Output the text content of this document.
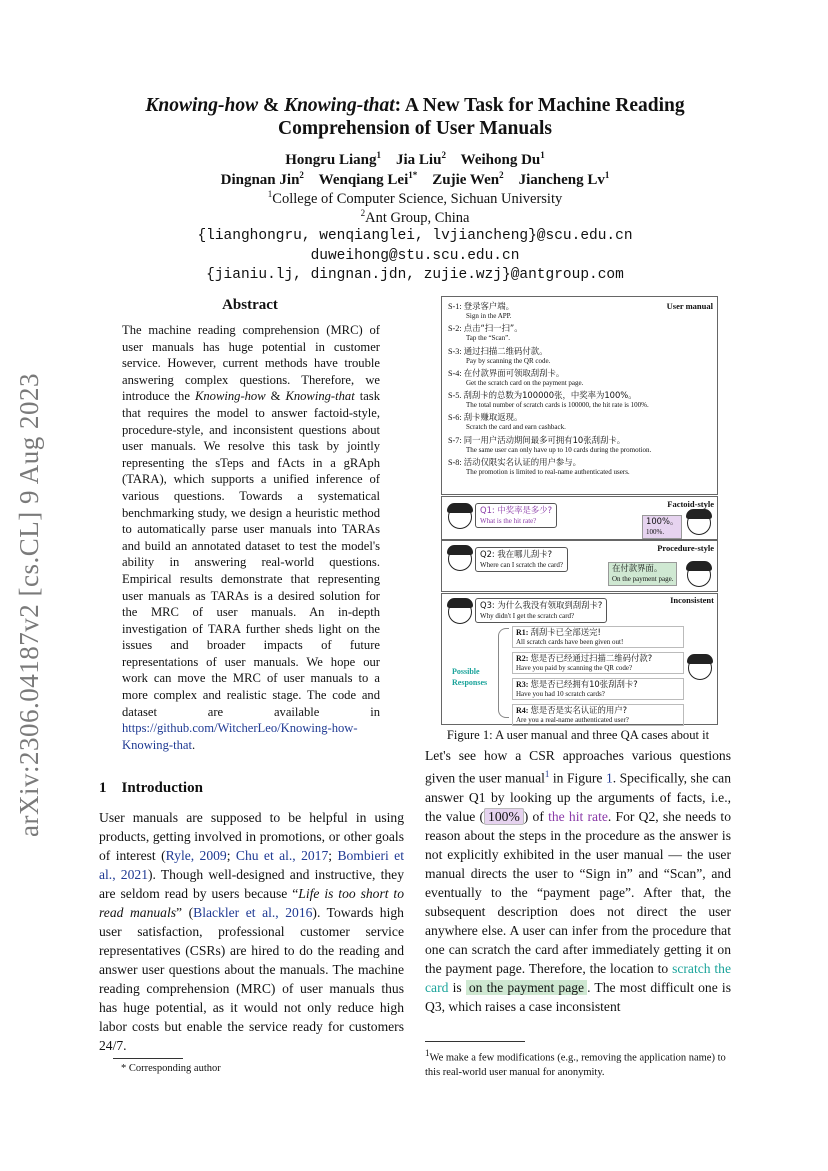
arXiv:2306.04187v2 [cs.CL] 9 Aug 2023
Knowing-how & Knowing-that: A New Task for Machine Reading
Comprehension of User Manuals
Hongru Liang$^1$ Jia Liu$^2$ Weihong Du$^1$
Dingnan Jin$^2$ Wenqiang Lei$^{1*}$ Zujie Wen$^2$ Jiancheng Lv$^1$
$^1$College of Computer Science, Sichuan University
$^2$Ant Group, China
{lianghongru, wenqianglei, lvjiancheng}@scu.edu.cn
duweihong@stu.scu.edu.cn
{jianiu.lj, dingnan.jdn, zujie.wzj}@antgroup.com
Abstract
The machine reading comprehension (MRC) of user manuals has huge potential in customer service. However, current methods have trouble answering complex questions. Therefore, we introduce the Knowing-how & Knowing-that task that requires the model to answer factoid-style, procedure-style, and inconsistent questions about user manuals. We resolve this task by jointly representing the sTeps and fActs in a gRAph (TARA), which supports a unified inference of various questions. Towards a systematical benchmarking study, we design a heuristic method to automatically parse user manuals into TARAs and build an annotated dataset to test the model's ability in answering real-world questions. Empirical results demonstrate that representing user manuals as TARAs is a desired solution for the MRC of user manuals. An in-depth investigation of TARA further sheds light on the issues and broader impacts of future representations of user manuals. We hope our work can move the MRC of user manuals to a more complex and realistic stage. The code and dataset are available in https://github.com/WitcherLeo/Knowing-how-Knowing-that.
1 Introduction
User manuals are supposed to be helpful in using products, getting involved in promotions, or other goals of interest (Ryle, 2009; Chu et al., 2017; Bombieri et al., 2021). Though well-designed and instructive, they are seldom read by users because “Life is too short to read manuals” (Blackler et al., 2016). Towards high user satisfaction, professional customer service representatives (CSRs) are hired to do the reading and answer user questions about the manuals. The machine reading comprehension (MRC) of user manuals thus has huge potential, as it would not only reduce high labor costs but enable the service ready for customers 24/7.
* Corresponding author
$^1$We make a few modifications (e.g., removing the application name) to this real-world user manual for anonymity.
Let's see how a CSR approaches various questions given the user manual$^1$ in Figure 1. Specifically, she can answer Q1 by looking up the arguments of facts, i.e., the value ( 100% ) of the hit rate. For Q2, she needs to reason about the steps in the procedure as the answer is not explicitly exhibited in the user manual — the user manual directs the user to “Sign in” and “Scan”, and eventually to the “payment page”. After that, the subsequent description does not direct the user anywhere else. A user can infer from the procedure that one can scratch the card after immediately getting it on the payment page. Therefore, the location to scratch the card is on the payment page . The most difficult one is Q3, which raises a case inconsistent
User manual
S-1: 登录客户端。
Sign in the APP.
S-2: 点击“扫一扫”。
Tap the “Scan”.
S-3: 通过扫描二维码付款。
Pay by scanning the QR code.
S-4: 在付款界面可领取刮刮卡。
Get the scratch card on the payment page.
S-5. 刮刮卡的总数为100000张，中奖率为100%。
The total number of scratch cards is 100000, the hit rate is 100%.
S-6: 刮卡赚取返现。
Scratch the card and earn cashback.
S-7: 同一用户活动期间最多可拥有10张刮刮卡。
The same user can only have up to 10 cards during the promotion.
S-8: 活动仅限实名认证的用户参与。
The promotion is limited to real-name authenticated users.
Factoid-style
Q1: 中奖率是多少?
What is the hit rate?	100%。
100%.
Procedure-style
Q2: 我在哪儿刮卡?
Where can I scratch the card?	在付款界面。
On the payment page.
Inconsistent
Q3: 为什么我没有领取到刮刮卡?
Why didn't I get the scratch card?
Possible Responses
R1: 刮刮卡已全部送完!
All scratch cards have been given out!
R2: 您是否已经通过扫描二维码付款?
Have you paid by scanning the QR code?
R3: 您是否已经拥有10张刮刮卡?
Have you had 10 scratch cards?
R4: 您是否是实名认证的用户?
Are you a real-name authenticated user?
Figure 1: A user manual and three QA cases about it
